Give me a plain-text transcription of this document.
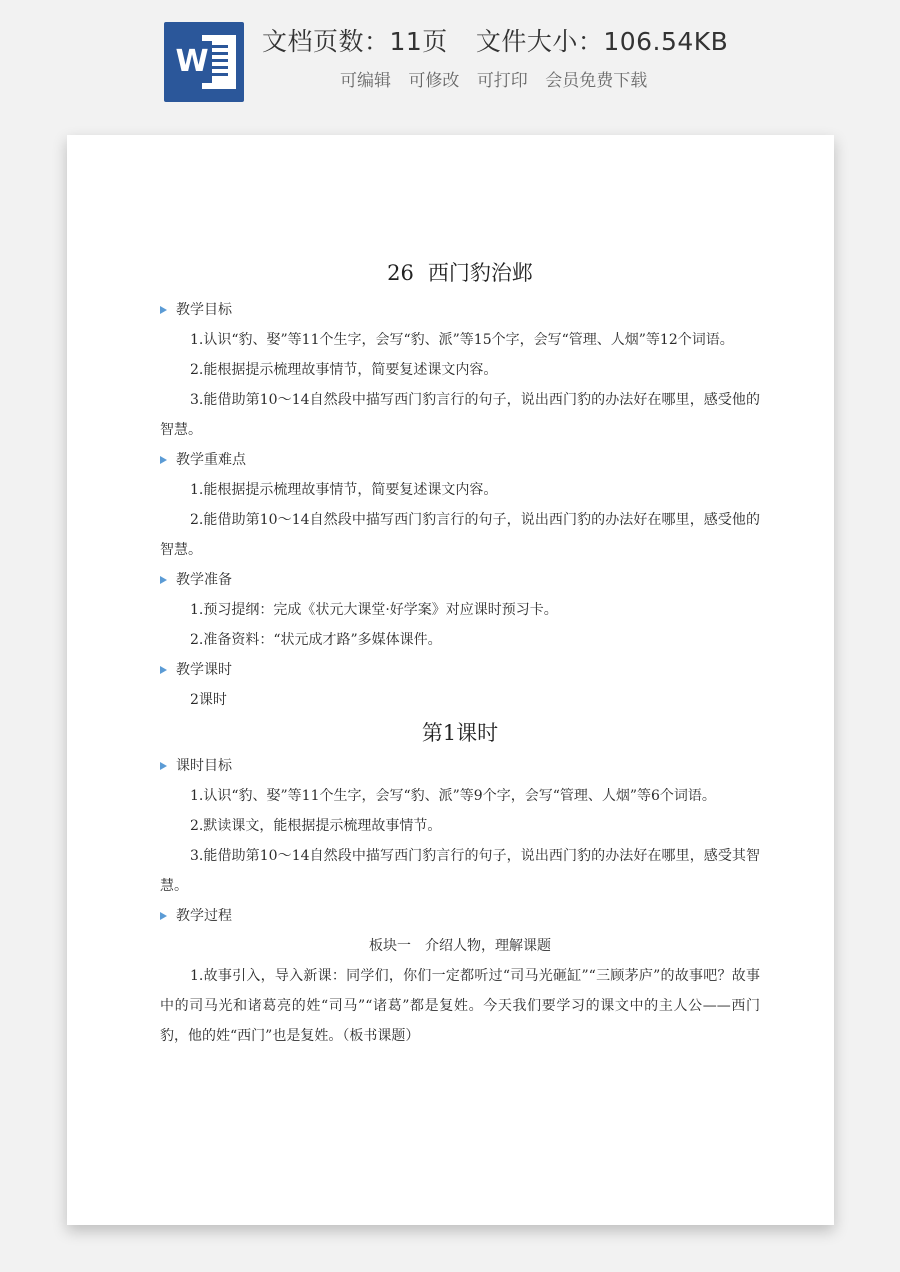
W
文档页数：11页 文件大小：106.54KB
可编辑 可修改 可打印 会员免费下载
26 西门豹治邺
教学目标

1.认识“豹、娶”等11个生字，会写“豹、派”等15个字，会写“管理、人烟”等12个词语。

2.能根据提示梳理故事情节，简要复述课文内容。

3.能借助第10～14自然段中描写西门豹言行的句子，说出西门豹的办法好在哪里，感受他的智慧。

教学重难点

1.能根据提示梳理故事情节，简要复述课文内容。

2.能借助第10～14自然段中描写西门豹言行的句子，说出西门豹的办法好在哪里，感受他的智慧。

教学准备

1.预习提纲：完成《状元大课堂·好学案》对应课时预习卡。

2.准备资料：“状元成才路”多媒体课件。

教学课时

2课时

第1课时
课时目标

1.认识“豹、娶”等11个生字，会写“豹、派”等9个字，会写“管理、人烟”等6个词语。

2.默读课文，能根据提示梳理故事情节。

3.能借助第10～14自然段中描写西门豹言行的句子，说出西门豹的办法好在哪里，感受其智慧。

教学过程
板块一　介绍人物，理解课题

1.故事引入，导入新课：同学们，你们一定都听过“司马光砸缸”“三顾茅庐”的故事吧？故事中的司马光和诸葛亮的姓“司马”“诸葛”都是复姓。今天我们要学习的课文中的主人公——西门豹，他的姓“西门”也是复姓。（板书课题）
